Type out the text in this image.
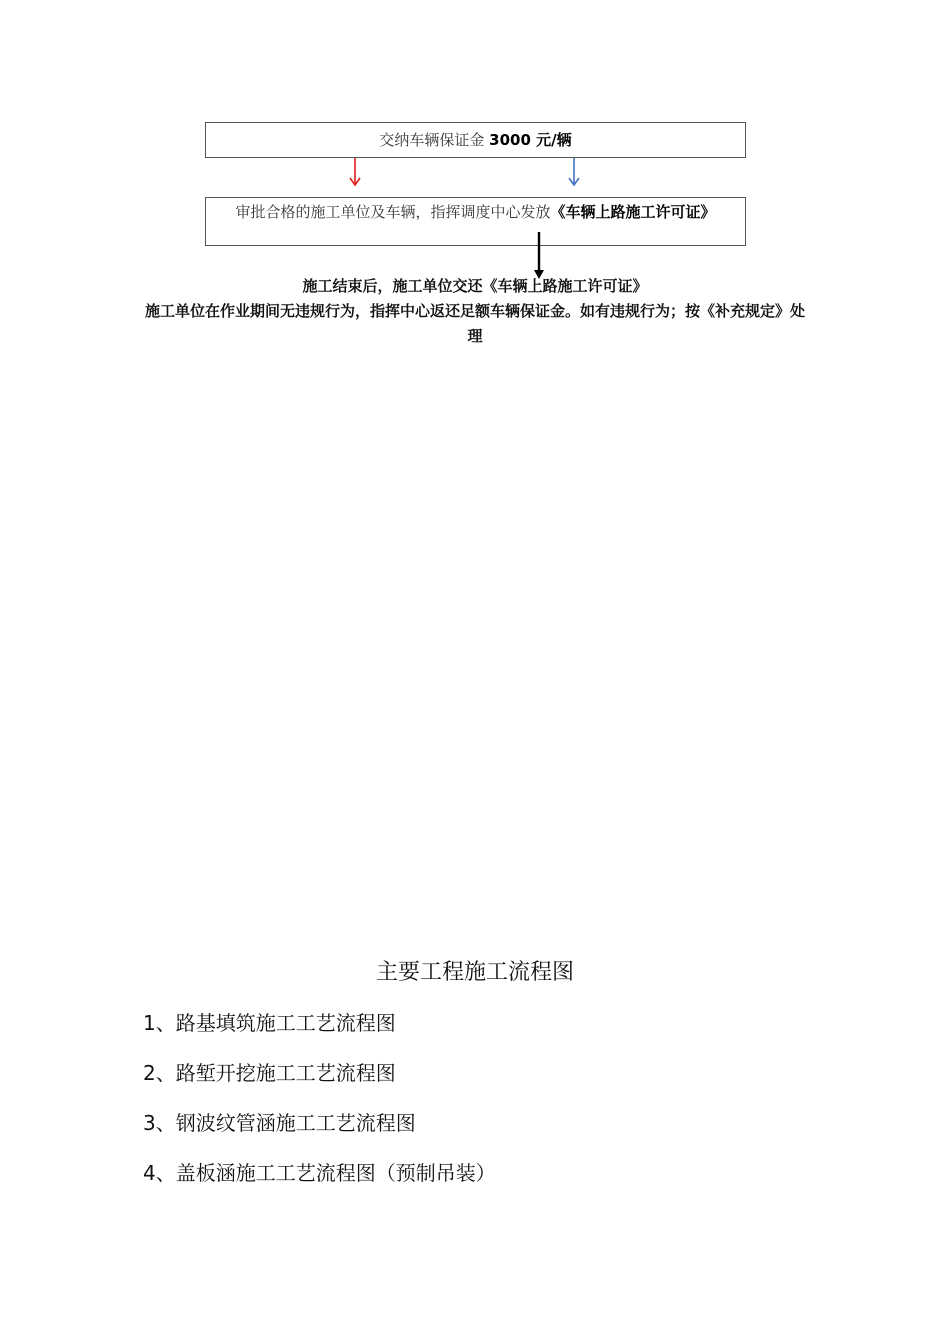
交纳车辆保证金 3000 元/辆
审批合格的施工单位及车辆，指挥调度中心发放《车辆上路施工许可证》
施工结束后，施工单位交还《车辆上路施工许可证》
施工单位在作业期间无违规行为，指挥中心返还足额车辆保证金。如有违规行为；按《补充规定》处理
主要工程施工流程图
1、路基填筑施工工艺流程图
2、路堑开挖施工工艺流程图
3、钢波纹管涵施工工艺流程图
4、盖板涵施工工艺流程图（预制吊装）
